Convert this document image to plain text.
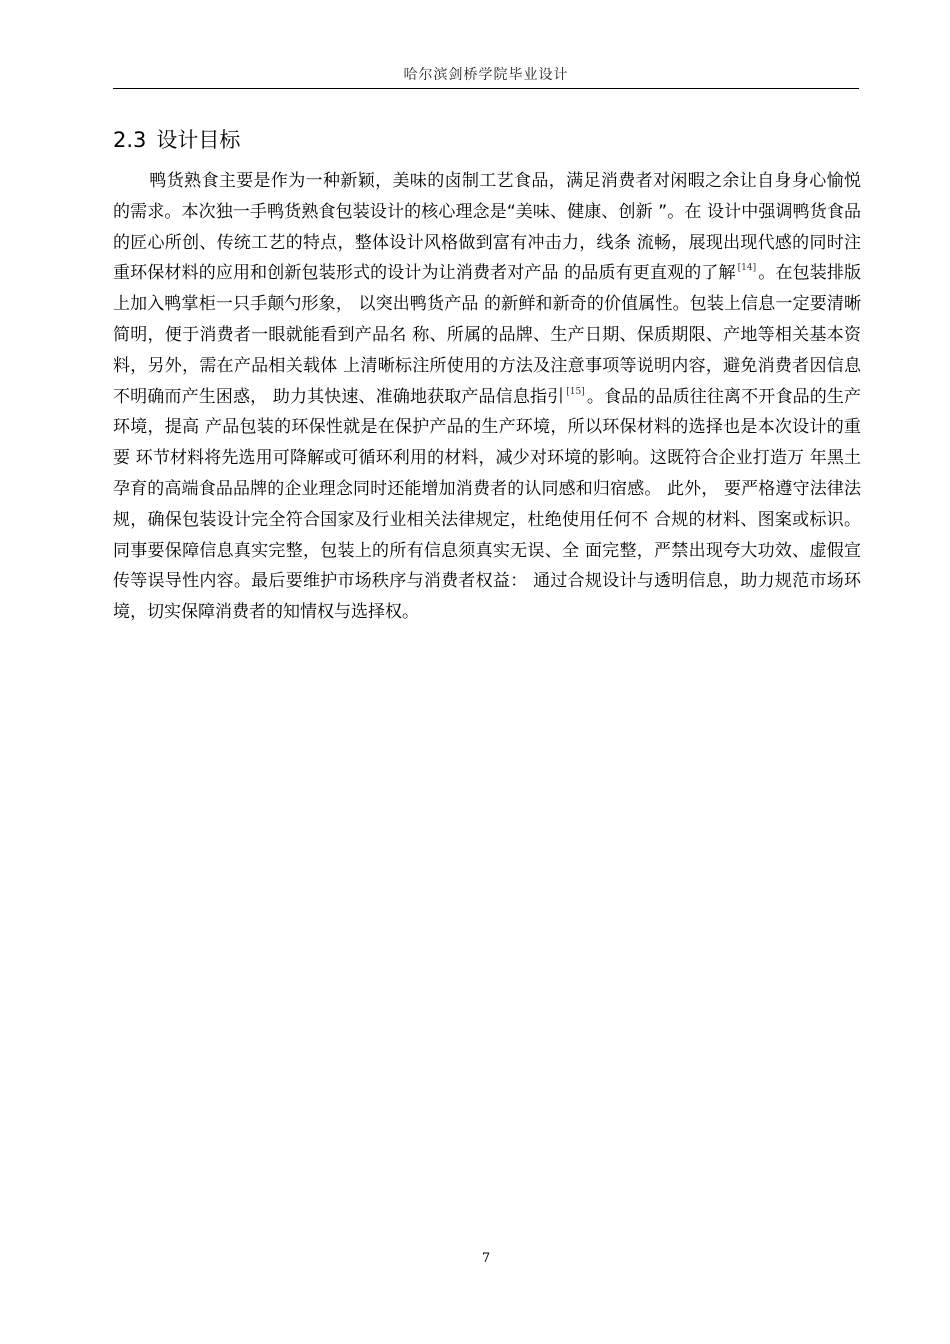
哈尔滨剑桥学院毕业设计
2.3 设计目标

鸭货熟食主要是作为一种新颖，美味的卤制工艺食品，满足消费者对闲暇之余让自身身心愉悦的需求。本次独一手鸭货熟食包装设计的核心理念是“美味、健康、创新 ”。在 设计中强调鸭货食品的匠心所创、传统工艺的特点，整体设计风格做到富有冲击力，线条 流畅，展现出现代感的同时注重环保材料的应用和创新包装形式的设计为让消费者对产品 的品质有更直观的了解 [14] 。在包装排版上加入鸭掌柜一只手颠勺形象， 以突出鸭货产品 的新鲜和新奇的价值属性。包装上信息一定要清晰简明，便于消费者一眼就能看到产品名 称、所属的品牌、生产日期、保质期限、产地等相关基本资料，另外，需在产品相关载体 上清晰标注所使用的方法及注意事项等说明内容，避免消费者因信息不明确而产生困惑， 助力其快速、准确地获取产品信息指引 [15] 。食品的品质往往离不开食品的生产环境，提高 产品包装的环保性就是在保护产品的生产环境，所以环保材料的选择也是本次设计的重要 环节材料将先选用可降解或可循环利用的材料，减少对环境的影响。这既符合企业打造万 年黑土孕育的高端食品品牌的企业理念同时还能增加消费者的认同感和归宿感。 此外， 要严格遵守法律法规，确保包装设计完全符合国家及行业相关法律规定，杜绝使用任何不 合规的材料、图案或标识。同事要保障信息真实完整，包装上的所有信息须真实无误、全 面完整，严禁出现夸大功效、虚假宣传等误导性内容。最后要维护市场秩序与消费者权益： 通过合规设计与透明信息，助力规范市场环境，切实保障消费者的知情权与选择权。

7
